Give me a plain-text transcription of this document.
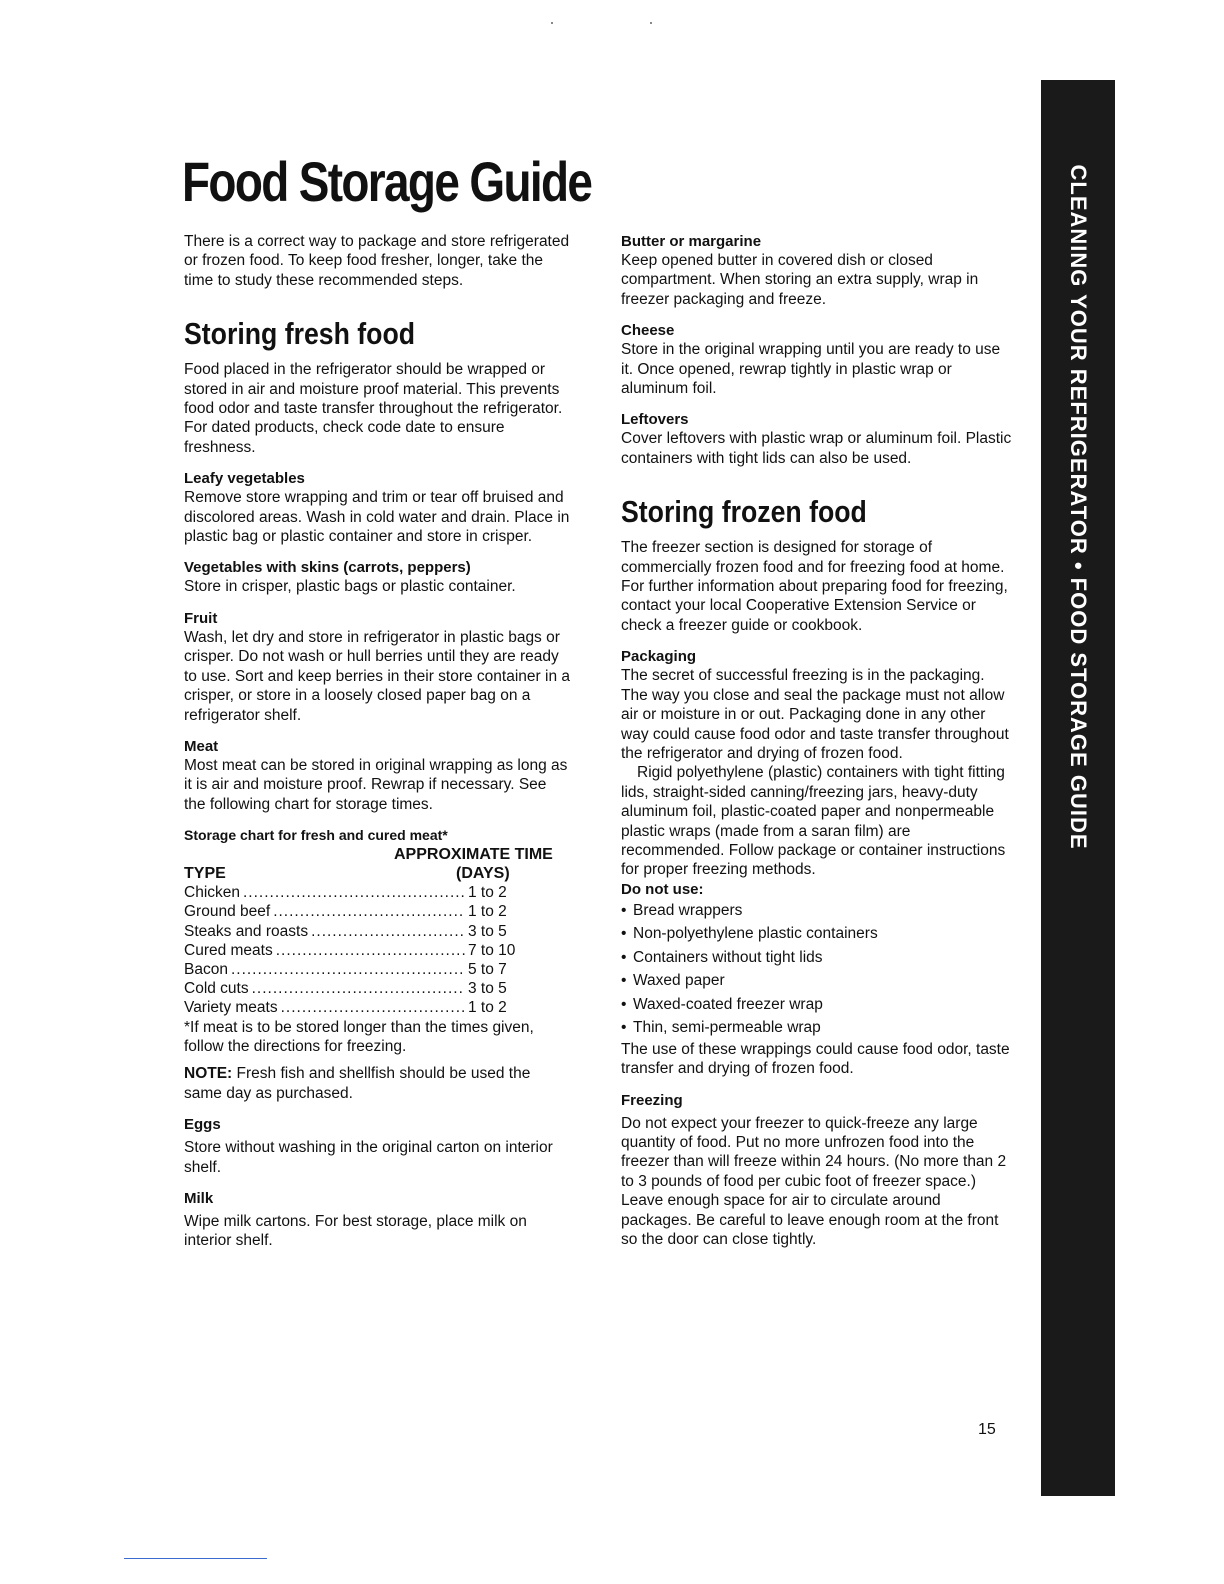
Food Storage Guide

There is a correct way to package and store refrigerated or frozen food. To keep food fresher, longer, take the time to study these recommended steps.

Storing fresh food

Food placed in the refrigerator should be wrapped or stored in air and moisture proof material. This prevents food odor and taste transfer throughout the refrigerator. For dated products, check code date to ensure freshness.

Leafy vegetables

Remove store wrapping and trim or tear off bruised and discolored areas. Wash in cold water and drain. Place in plastic bag or plastic container and store in crisper.

Vegetables with skins (carrots, peppers)

Store in crisper, plastic bags or plastic container.

Fruit

Wash, let dry and store in refrigerator in plastic bags or crisper. Do not wash or hull berries until they are ready to use. Sort and keep berries in their store container in a crisper, or store in a loosely closed paper bag on a refrigerator shelf.

Meat

Most meat can be stored in original wrapping as long as it is air and moisture proof. Rewrap if necessary. See the following chart for storage times.

Storage chart for fresh and cured meat*

APPROXIMATE TIME
TYPE	(DAYS)
Chicken .....	1 to 2
Ground beef .....	1 to 2
Steaks and roasts .....	3 to 5
Cured meats .....	7 to 10
Bacon .....	5 to 7
Cold cuts .....	3 to 5
Variety meats .....	1 to 2

*If meat is to be stored longer than the times given, follow the directions for freezing.

NOTE: Fresh fish and shellfish should be used the same day as purchased.

Eggs

Store without washing in the original carton on interior shelf.

Milk

Wipe milk cartons. For best storage, place milk on interior shelf.

Butter or margarine

Keep opened butter in covered dish or closed compartment. When storing an extra supply, wrap in freezer packaging and freeze.

Cheese

Store in the original wrapping until you are ready to use it. Once opened, rewrap tightly in plastic wrap or aluminum foil.

Leftovers

Cover leftovers with plastic wrap or aluminum foil. Plastic containers with tight lids can also be used.

Storing frozen food

The freezer section is designed for storage of commercially frozen food and for freezing food at home. For further information about preparing food for freezing, contact your local Cooperative Extension Service or check a freezer guide or cookbook.

Packaging

The secret of successful freezing is in the packaging. The way you close and seal the package must not allow air or moisture in or out. Packaging done in any other way could cause food odor and taste transfer throughout the refrigerator and drying of frozen food.

Rigid polyethylene (plastic) containers with tight fitting lids, straight-sided canning/freezing jars, heavy-duty aluminum foil, plastic-coated paper and nonpermeable plastic wraps (made from a saran film) are recommended. Follow package or container instructions for proper freezing methods.

Do not use:
• Bread wrappers
• Non-polyethylene plastic containers
• Containers without tight lids
• Waxed paper
• Waxed-coated freezer wrap
• Thin, semi-permeable wrap

The use of these wrappings could cause food odor, taste transfer and drying of frozen food.

Freezing

Do not expect your freezer to quick-freeze any large quantity of food. Put no more unfrozen food into the freezer than will freeze within 24 hours. (No more than 2 to 3 pounds of food per cubic foot of freezer space.) Leave enough space for air to circulate around packages. Be careful to leave enough room at the front so the door can close tightly.

CLEANING YOUR REFRIGERATOR • FOOD STORAGE GUIDE
15
